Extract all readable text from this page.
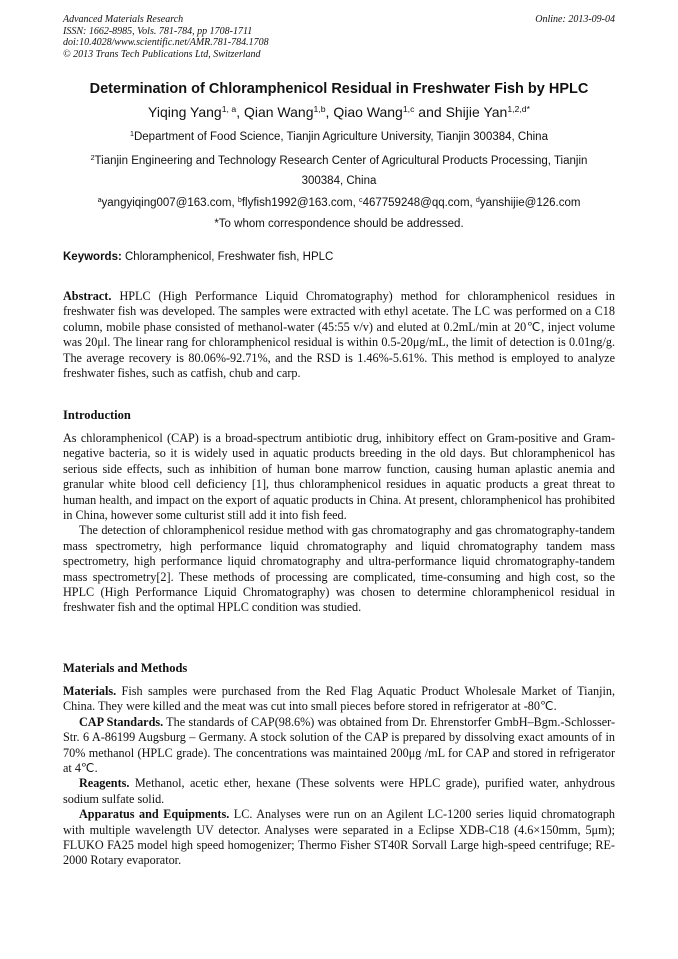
Advanced Materials Research
ISSN: 1662-8985, Vols. 781-784, pp 1708-1711
doi:10.4028/www.scientific.net/AMR.781-784.1708
© 2013 Trans Tech Publications Ltd, Switzerland
Online: 2013-09-04
Determination of Chloramphenicol Residual in Freshwater Fish by HPLC
Yiqing Yang$^{1, a}$, Qian Wang$^{1,b}$, Qiao Wang$^{1,c}$ and Shijie Yan$^{1,2,d*}$
$^1$Department of Food Science, Tianjin Agriculture University, Tianjin 300384, China
$^2$Tianjin Engineering and Technology Research Center of Agricultural Products Processing, Tianjin
300384, China
$^a$yangyiqing007@163.com, $^b$flyfish1992@163.com, $^c$467759248@qq.com, $^d$yanshijie@126.com
*To whom correspondence should be addressed.
Keywords: Chloramphenicol, Freshwater fish, HPLC

Abstract. HPLC (High Performance Liquid Chromatography) method for chloramphenicol residues in freshwater fish was developed. The samples were extracted with ethyl acetate. The LC was performed on a C18 column, mobile phase consisted of methanol-water (45:55 v/v) and eluted at 0.2mL/min at 20℃, inject volume was 20μl. The linear rang for chloramphenicol residual is within 0.5-20μg/mL, the limit of detection is 0.01ng/g. The average recovery is 80.06%-92.71%, and the RSD is 1.46%-5.61%. This method is employed to analyze freshwater fishes, such as catfish, chub and carp.

Introduction

As chloramphenicol (CAP) is a broad-spectrum antibiotic drug, inhibitory effect on Gram-positive and Gram-negative bacteria, so it is widely used in aquatic products breeding in the old days. But chloramphenicol has serious side effects, such as inhibition of human bone marrow function, causing human aplastic anemia and granular white blood cell deficiency [1], thus chloramphenicol residues in aquatic products a great threat to human health, and impact on the export of aquatic products in China. At present, chloramphenicol has prohibited in China, however some culturist still add it into fish feed.

The detection of chloramphenicol residue method with gas chromatography and gas chromatography-tandem mass spectrometry, high performance liquid chromatography and liquid chromatography tandem mass spectrometry, high performance liquid chromatography and ultra-performance liquid chromatography-tandem mass spectrometry[2]. These methods of processing are complicated, time-consuming and high cost, so the HPLC (High Performance Liquid Chromatography) was chosen to determine chloramphenicol residual in freshwater fish and the optimal HPLC condition was studied.

Materials and Methods

Materials. Fish samples were purchased from the Red Flag Aquatic Product Wholesale Market of Tianjin, China. They were killed and the meat was cut into small pieces before stored in refrigerator at -80℃.

CAP Standards. The standards of CAP(98.6%) was obtained from Dr. Ehrenstorfer GmbH–Bgm.-Schlosser-Str. 6 A-86199 Augsburg – Germany. A stock solution of the CAP is prepared by dissolving exact amounts of in 70% methanol (HPLC grade). The concentrations was maintained 200μg /mL for CAP and stored in refrigerator at 4℃.

Reagents. Methanol, acetic ether, hexane (These solvents were HPLC grade), purified water, anhydrous sodium sulfate solid.

Apparatus and Equipments. LC. Analyses were run on an Agilent LC-1200 series liquid chromatograph with multiple wavelength UV detector. Analyses were separated in a Eclipse XDB-C18 (4.6×150mm, 5μm); FLUKO FA25 model high speed homogenizer; Thermo Fisher ST40R Sorvall Large high-speed centrifuge; RE-2000 Rotary evaporator.
